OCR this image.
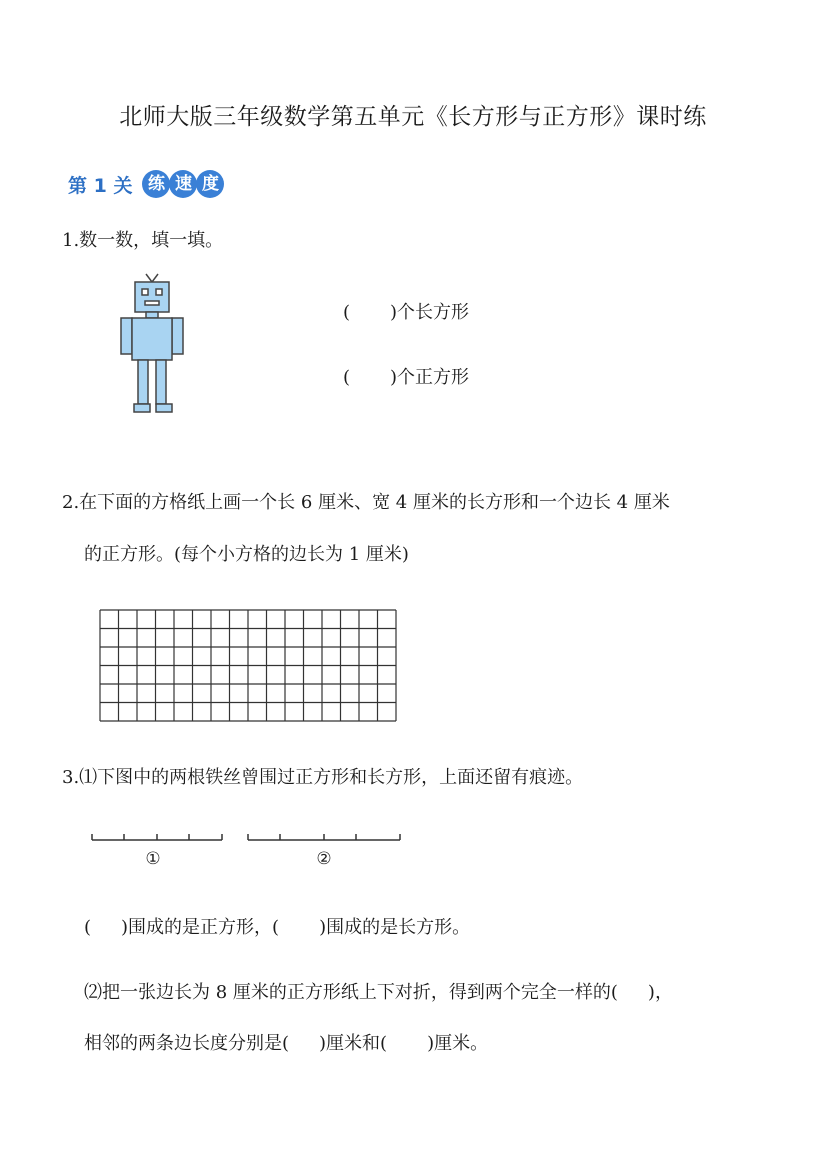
北师大版三年级数学第五单元《长方形与正方形》课时练
第 1 关 练 速 度
1.数一数，填一填。
( )个长方形
( )个正方形
2.在下面的方格纸上画一个长 6 厘米、宽 4 厘米的长方形和一个边长 4 厘米
的正方形。(每个小方格的边长为 1 厘米)
3.⑴下图中的两根铁丝曾围过正方形和长方形，上面还留有痕迹。
①	②
( )围成的是正方形，( )围成的是长方形。
⑵把一张边长为 8 厘米的正方形纸上下对折，得到两个完全一样的( )，
相邻的两条边长度分别是( )厘米和( )厘米。
